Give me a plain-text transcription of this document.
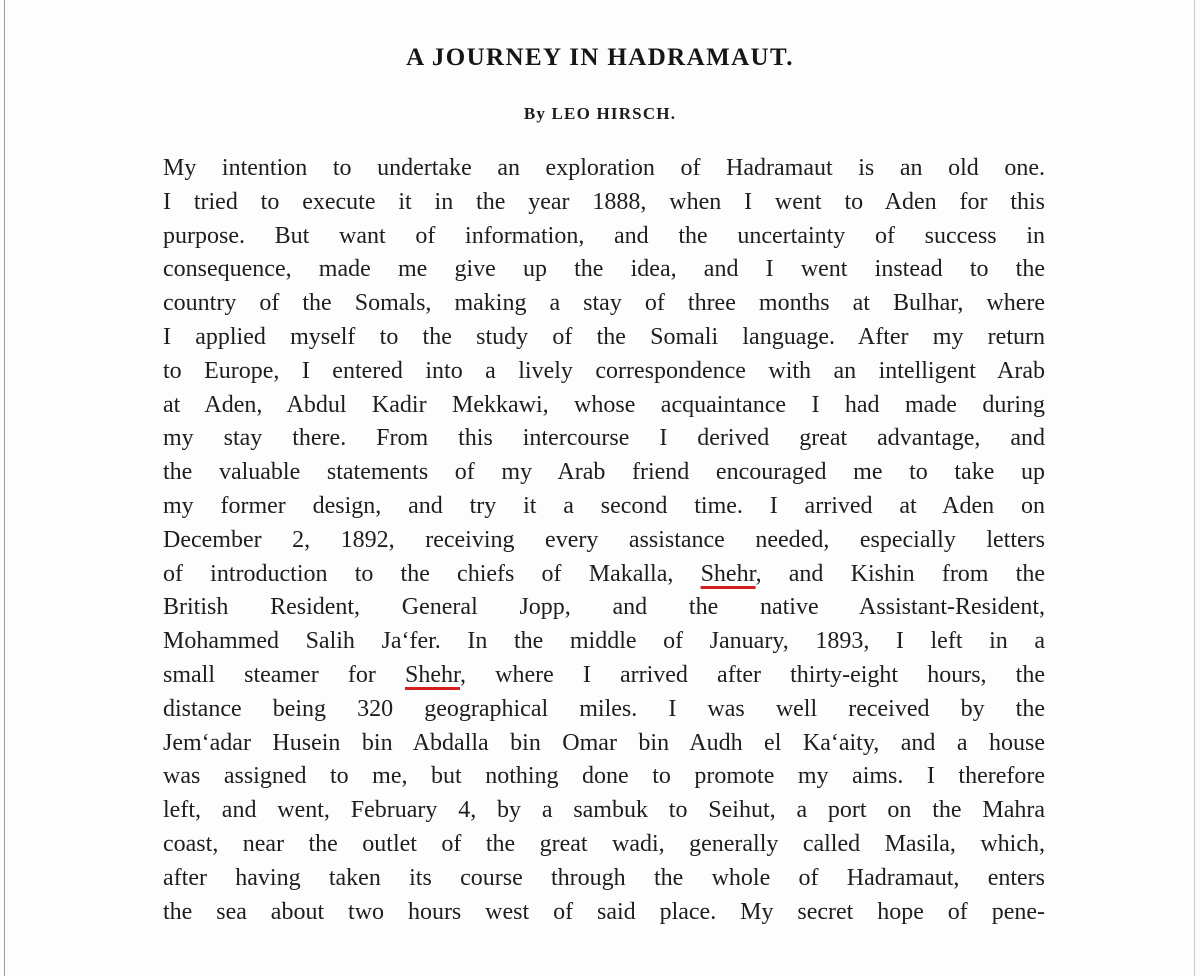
A JOURNEY IN HADRAMAUT.
By LEO HIRSCH.
My intention to undertake an exploration of Hadramaut is an old one.
I tried to execute it in the year 1888, when I went to Aden for this
purpose. But want of information, and the uncertainty of success in
consequence, made me give up the idea, and I went instead to the
country of the Somals, making a stay of three months at Bulhar, where
I applied myself to the study of the Somali language. After my return
to Europe, I entered into a lively correspondence with an intelligent Arab
at Aden, Abdul Kadir Mekkawi, whose acquaintance I had made during
my stay there. From this intercourse I derived great advantage, and
the valuable statements of my Arab friend encouraged me to take up
my former design, and try it a second time. I arrived at Aden on
December 2, 1892, receiving every assistance needed, especially letters
of introduction to the chiefs of Makalla, Shehr, and Kishin from the
British Resident, General Jopp, and the native Assistant-Resident,
Mohammed Salih Ja‘fer. In the middle of January, 1893, I left in a
small steamer for Shehr, where I arrived after thirty-eight hours, the
distance being 320 geographical miles. I was well received by the
Jem‘adar Husein bin Abdalla bin Omar bin Audh el Ka‘aity, and a house
was assigned to me, but nothing done to promote my aims. I therefore
left, and went, February 4, by a sambuk to Seihut, a port on the Mahra
coast, near the outlet of the great wadi, generally called Masila, which,
after having taken its course through the whole of Hadramaut, enters
the sea about two hours west of said place. My secret hope of pene-
